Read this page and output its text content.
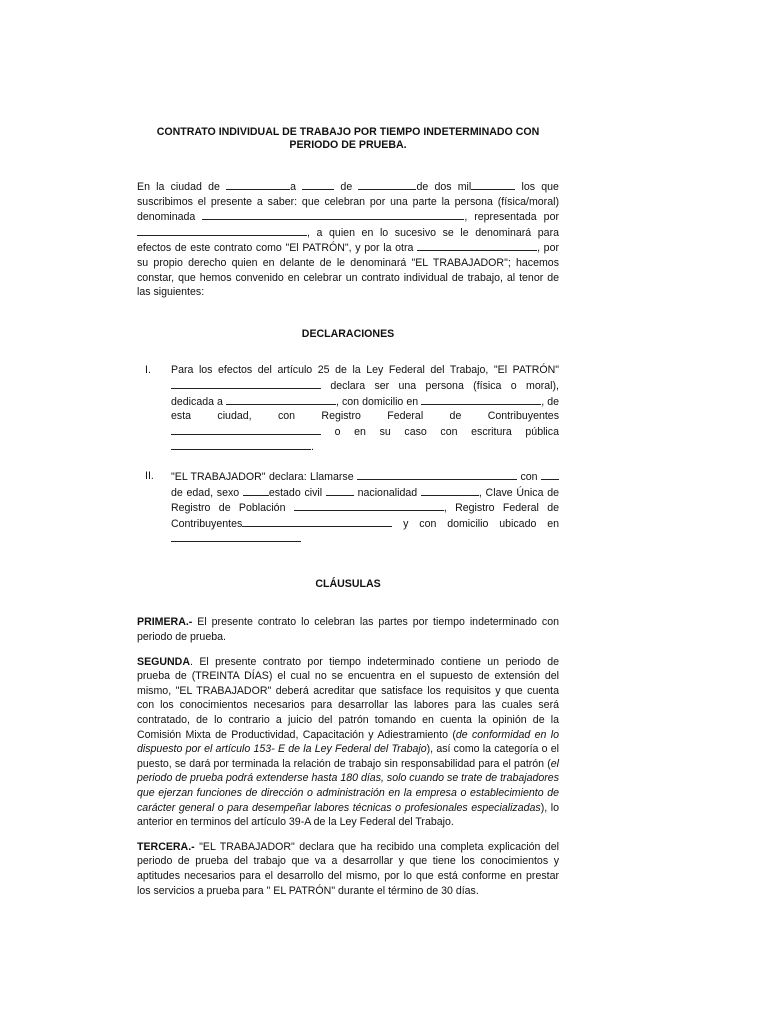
CONTRATO INDIVIDUAL DE TRABAJO POR TIEMPO INDETERMINADO CON
PERIODO DE PRUEBA.

En la ciudad de	a	de	de dos mil	los que suscribimos el presente a saber: que celebran por una parte la persona (física/moral) denominada	, representada por , a quien en lo sucesivo se le denominará para efectos de este contrato como "El PATRÓN", y por la otra	, por su propio derecho quien en delante de le denominará "EL TRABAJADOR"; hacemos constar, que hemos convenido en celebrar un contrato individual de trabajo, al tenor de las siguientes:

DECLARACIONES

I.	Para los efectos del artículo 25 de la Ley Federal del Trabajo, "El PATRÓN"  declara ser una persona (física o moral), dedicada a	, con domicilio en	, de esta ciudad, con Registro Federal de Contribuyentes o en su caso con escritura pública .
II.	"EL TRABAJADOR" declara: Llamarse	con  de edad, sexo	estado civil	nacionalidad	, Clave Única de Registro de Población	, Registro Federal de Contribuyentes	y con domicilio ubicado en

CLÁUSULAS

PRIMERA.- El presente contrato lo celebran las partes por tiempo indeterminado con periodo de prueba.

SEGUNDA. El presente contrato por tiempo indeterminado contiene un periodo de prueba de (TREINTA DÍAS) el cual no se encuentra en el supuesto de extensión del mismo, "EL TRABAJADOR" deberá acreditar que satisface los requisitos y que cuenta con los conocimientos necesarios para desarrollar las labores para las cuales será contratado, de lo contrario a juicio del patrón tomando en cuenta la opinión de la Comisión Mixta de Productividad, Capacitación y Adiestramiento (de conformidad en lo dispuesto por el artículo 153- E de la Ley Federal del Trabajo), así como la categoría o el puesto, se dará por terminada la relación de trabajo sin responsabilidad para el patrón (el periodo de prueba podrá extenderse hasta 180 días, solo cuando se trate de trabajadores que ejerzan funciones de dirección o administración en la empresa o establecimiento de carácter general o para desempeñar labores técnicas o profesionales especializadas), lo anterior en terminos del artículo 39-A de la Ley Federal del Trabajo.

TERCERA.- "EL TRABAJADOR" declara que ha recibido una completa explicación del periodo de prueba del trabajo que va a desarrollar y que tiene los conocimientos y aptitudes necesarios para el desarrollo del mismo, por lo que está conforme en prestar los servicios a prueba para " EL PATRÓN" durante el término de 30 días.
